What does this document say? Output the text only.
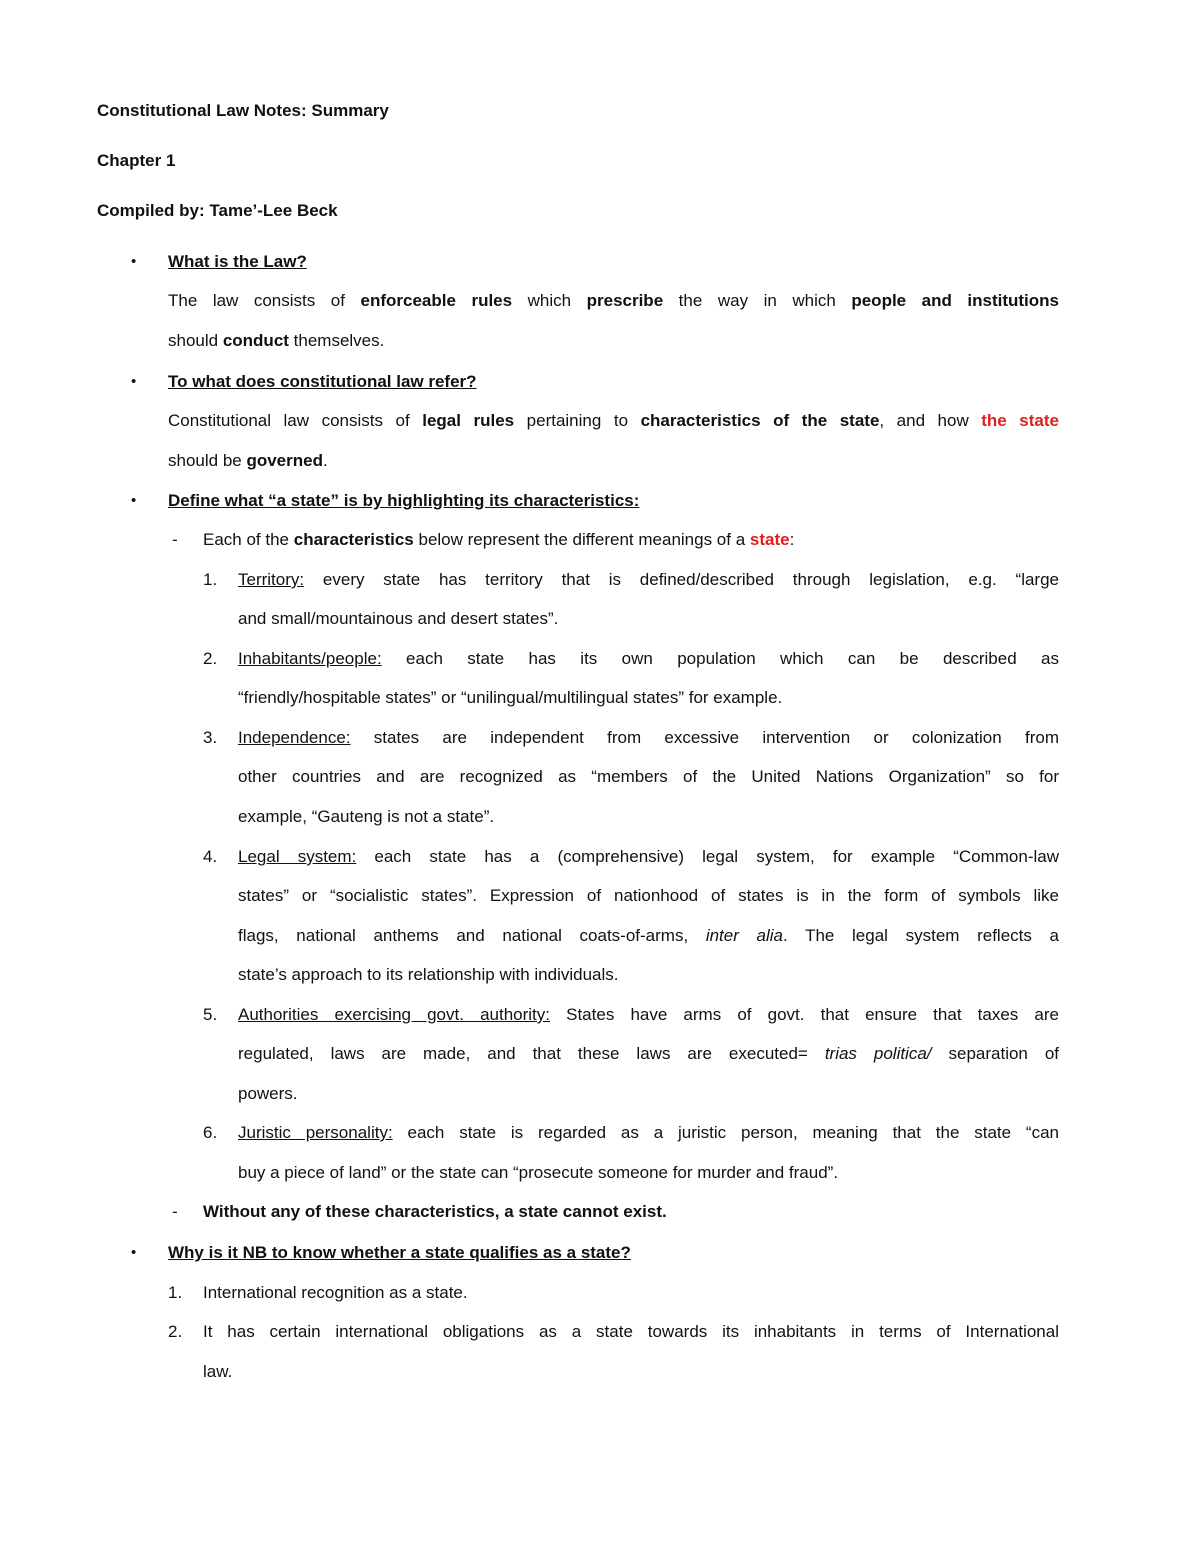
Constitutional Law Notes: Summary
Chapter 1
Compiled by: Tame’-Lee Beck
• What is the Law?
The law consists of enforceable rules which prescribe the way in which people and institutions
should conduct themselves.
• To what does constitutional law refer?
Constitutional law consists of legal rules pertaining to characteristics of the state, and how the state
should be governed.
• Define what “a state” is by highlighting its characteristics:
- Each of the characteristics below represent the different meanings of a state:
1. Territory: every state has territory that is defined/described through legislation, e.g. “large
and small/mountainous and desert states”.
2. Inhabitants/people: each state has its own population which can be described as
“friendly/hospitable states” or “unilingual/multilingual states” for example.
3. Independence: states are independent from excessive intervention or colonization from
other countries and are recognized as “members of the United Nations Organization” so for
example, “Gauteng is not a state”.
4. Legal system: each state has a (comprehensive) legal system, for example “Common-law
states” or “socialistic states”. Expression of nationhood of states is in the form of symbols like
flags, national anthems and national coats-of-arms, inter alia. The legal system reflects a
state’s approach to its relationship with individuals.
5. Authorities exercising govt. authority: States have arms of govt. that ensure that taxes are
regulated, laws are made, and that these laws are executed= trias politica/ separation of
powers.
6. Juristic personality: each state is regarded as a juristic person, meaning that the state “can
buy a piece of land” or the state can “prosecute someone for murder and fraud”.
- Without any of these characteristics, a state cannot exist.
• Why is it NB to know whether a state qualifies as a state?
1. International recognition as a state.
2. It has certain international obligations as a state towards its inhabitants in terms of International
law.
